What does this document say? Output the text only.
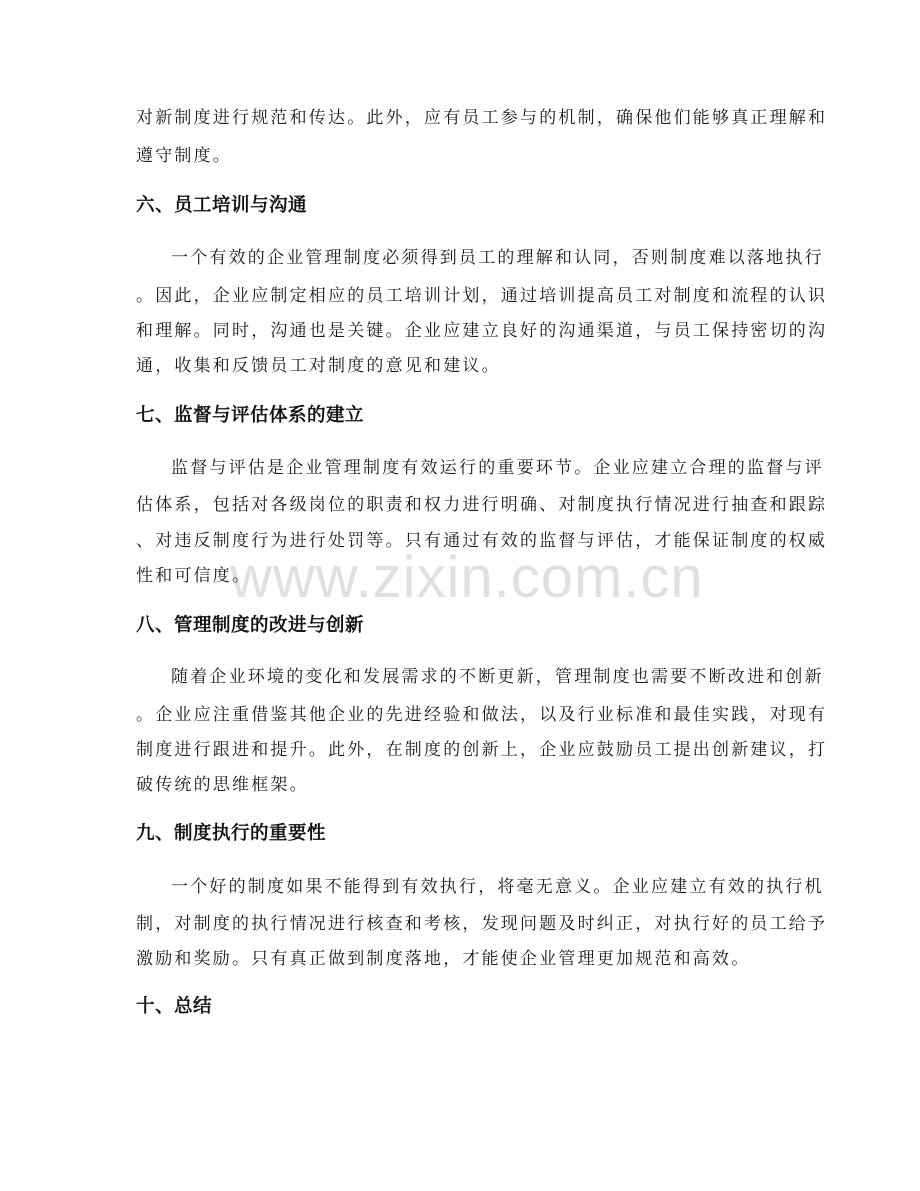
对新制度进行规范和传达。此外，应有员工参与的机制，确保他们能够真正理解和
遵守制度。
六、员工培训与沟通
一个有效的企业管理制度必须得到员工的理解和认同，否则制度难以落地执行
。因此，企业应制定相应的员工培训计划，通过培训提高员工对制度和流程的认识
和理解。同时，沟通也是关键。企业应建立良好的沟通渠道，与员工保持密切的沟
通，收集和反馈员工对制度的意见和建议。
七、监督与评估体系的建立
监督与评估是企业管理制度有效运行的重要环节。企业应建立合理的监督与评
估体系，包括对各级岗位的职责和权力进行明确、对制度执行情况进行抽查和跟踪
、对违反制度行为进行处罚等。只有通过有效的监督与评估，才能保证制度的权威
性和可信度。
八、管理制度的改进与创新
随着企业环境的变化和发展需求的不断更新，管理制度也需要不断改进和创新
。企业应注重借鉴其他企业的先进经验和做法，以及行业标准和最佳实践，对现有
制度进行跟进和提升。此外，在制度的创新上，企业应鼓励员工提出创新建议，打
破传统的思维框架。
九、制度执行的重要性
一个好的制度如果不能得到有效执行，将毫无意义。企业应建立有效的执行机
制，对制度的执行情况进行核查和考核，发现问题及时纠正，对执行好的员工给予
激励和奖励。只有真正做到制度落地，才能使企业管理更加规范和高效。
十、总结
www.zixin.com.cn
